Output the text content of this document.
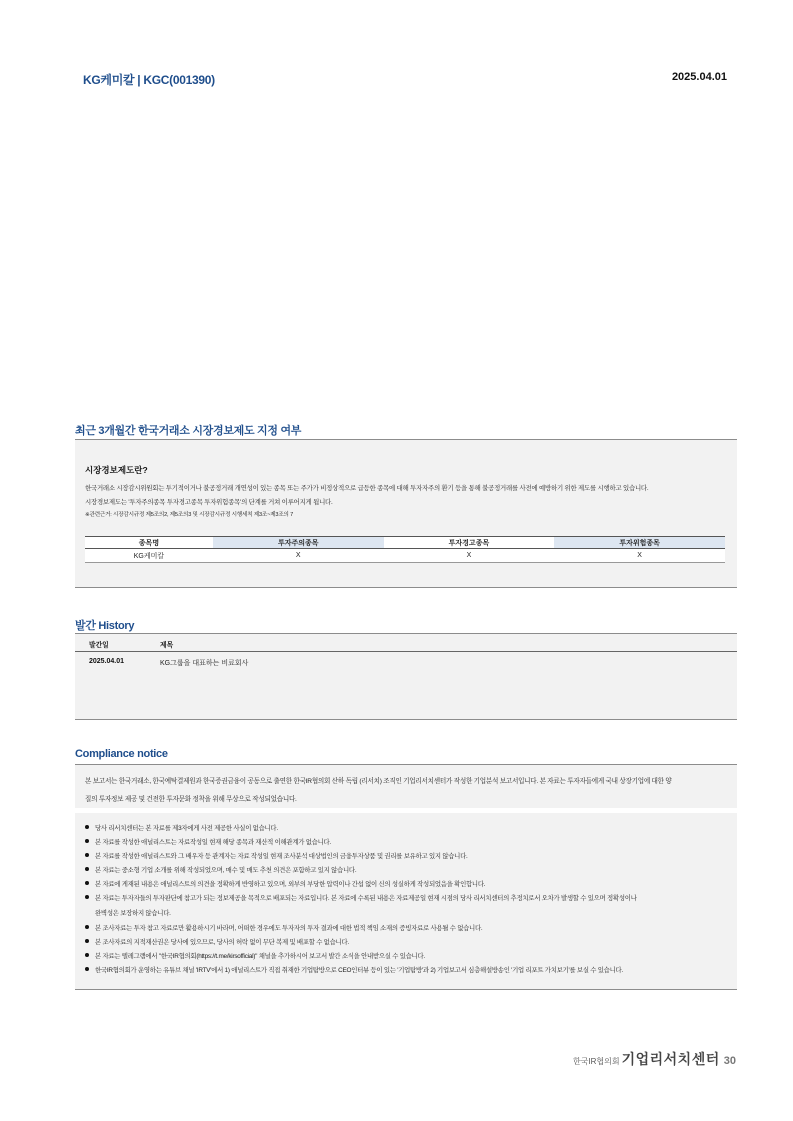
KG케미칼 | KGC(001390)	2025.04.01
최근 3개월간 한국거래소 시장경보제도 지정 여부
시장경보제도란?
한국거래소 시장감시위원회는 투기적이거나 불공정거래 개연성이 있는 종목 또는 주가가 비정상적으로 급등한 종목에 대해 투자자주의 환기 등을 통해 불공정거래를 사전에 예방하기 위한 제도를 시행하고 있습니다.
시장경보제도는 '투자주의종목 투자경고종목 투자위험종목'의 단계를 거쳐 이루어지게 됩니다.
※관련근거: 시장감시규정 제5조의2, 제5조의3 및 시장감시규정 시행세칙 제3조~제3조의 7
종목명	투자주의종목	투자경고종목	투자위험종목
KG케미칼	X	X	X
발간 History
발간일	제목
2025.04.01	KG그룹을 대표하는 비료회사
Compliance notice
본 보고서는 한국거래소, 한국예탁결제원과 한국증권금융이 공동으로 출연한 한국IR협의회 산하 독립 (리서치) 조직인 기업리서치센터가 작성한 기업분석 보고서입니다. 본 자료는 투자자들에게 국내 상장기업에 대한 양
질의 투자정보 제공 및 건전한 투자문화 정착을 위해 무상으로 작성되었습니다.
당사 리서치센터는 본 자료를 제3자에게 사전 제공한 사실이 없습니다.
본 자료를 작성한 애널리스트는 자료작성일 현재 해당 종목과 재산적 이해관계가 없습니다.
본 자료를 작성한 애널리스트와 그 배우자 등 관계자는 자료 작성일 현재 조사분석 대상법인의 금융투자상품 및 권리를 보유하고 있지 않습니다.
본 자료는 중소형 기업 소개를 위해 작성되었으며, 매수 및 매도 추천 의견은 포함하고 있지 않습니다.
본 자료에 게재된 내용은 애널리스트의 의견을 정확하게 반영하고 있으며, 외부의 부당한 압력이나 간섭 없이 신의 성실하게 작성되었음을 확인합니다.
본 자료는 투자자들의 투자판단에 참고가 되는 정보제공을 목적으로 배포되는 자료입니다. 본 자료에 수록된 내용은 자료제공일 현재 시점의 당사 리서치센터의 추정치로서 오차가 발생할 수 있으며 정확성이나
완벽성은 보장하지 않습니다.
본 조사자료는 투자 참고 자료로만 활용하시기 바라며, 어떠한 경우에도 투자자의 투자 결과에 대한 법적 책임 소재의 증빙자료로 사용될 수 없습니다.
본 조사자료의 지적재산권은 당사에 있으므로, 당사의 허락 없이 무단 복제 및 배포할 수 없습니다.
본 자료는 텔레그램에서 "한국IR협의회(https://t.me/kirsofficial)" 채널을 추가하시어 보고서 발간 소식을 안내받으실 수 있습니다.
한국IR협의회가 운영하는 유튜브 채널 'IRTV'에서 1) 애널리스트가 직접 취재한 기업탐방으로 CEO인터뷰 등이 있는 '기업탐방'과 2) 기업보고서 심층해설방송인 '기업 리포트 가치보기'를 보실 수 있습니다.
한국IR협의회 기업리서치센터 30
